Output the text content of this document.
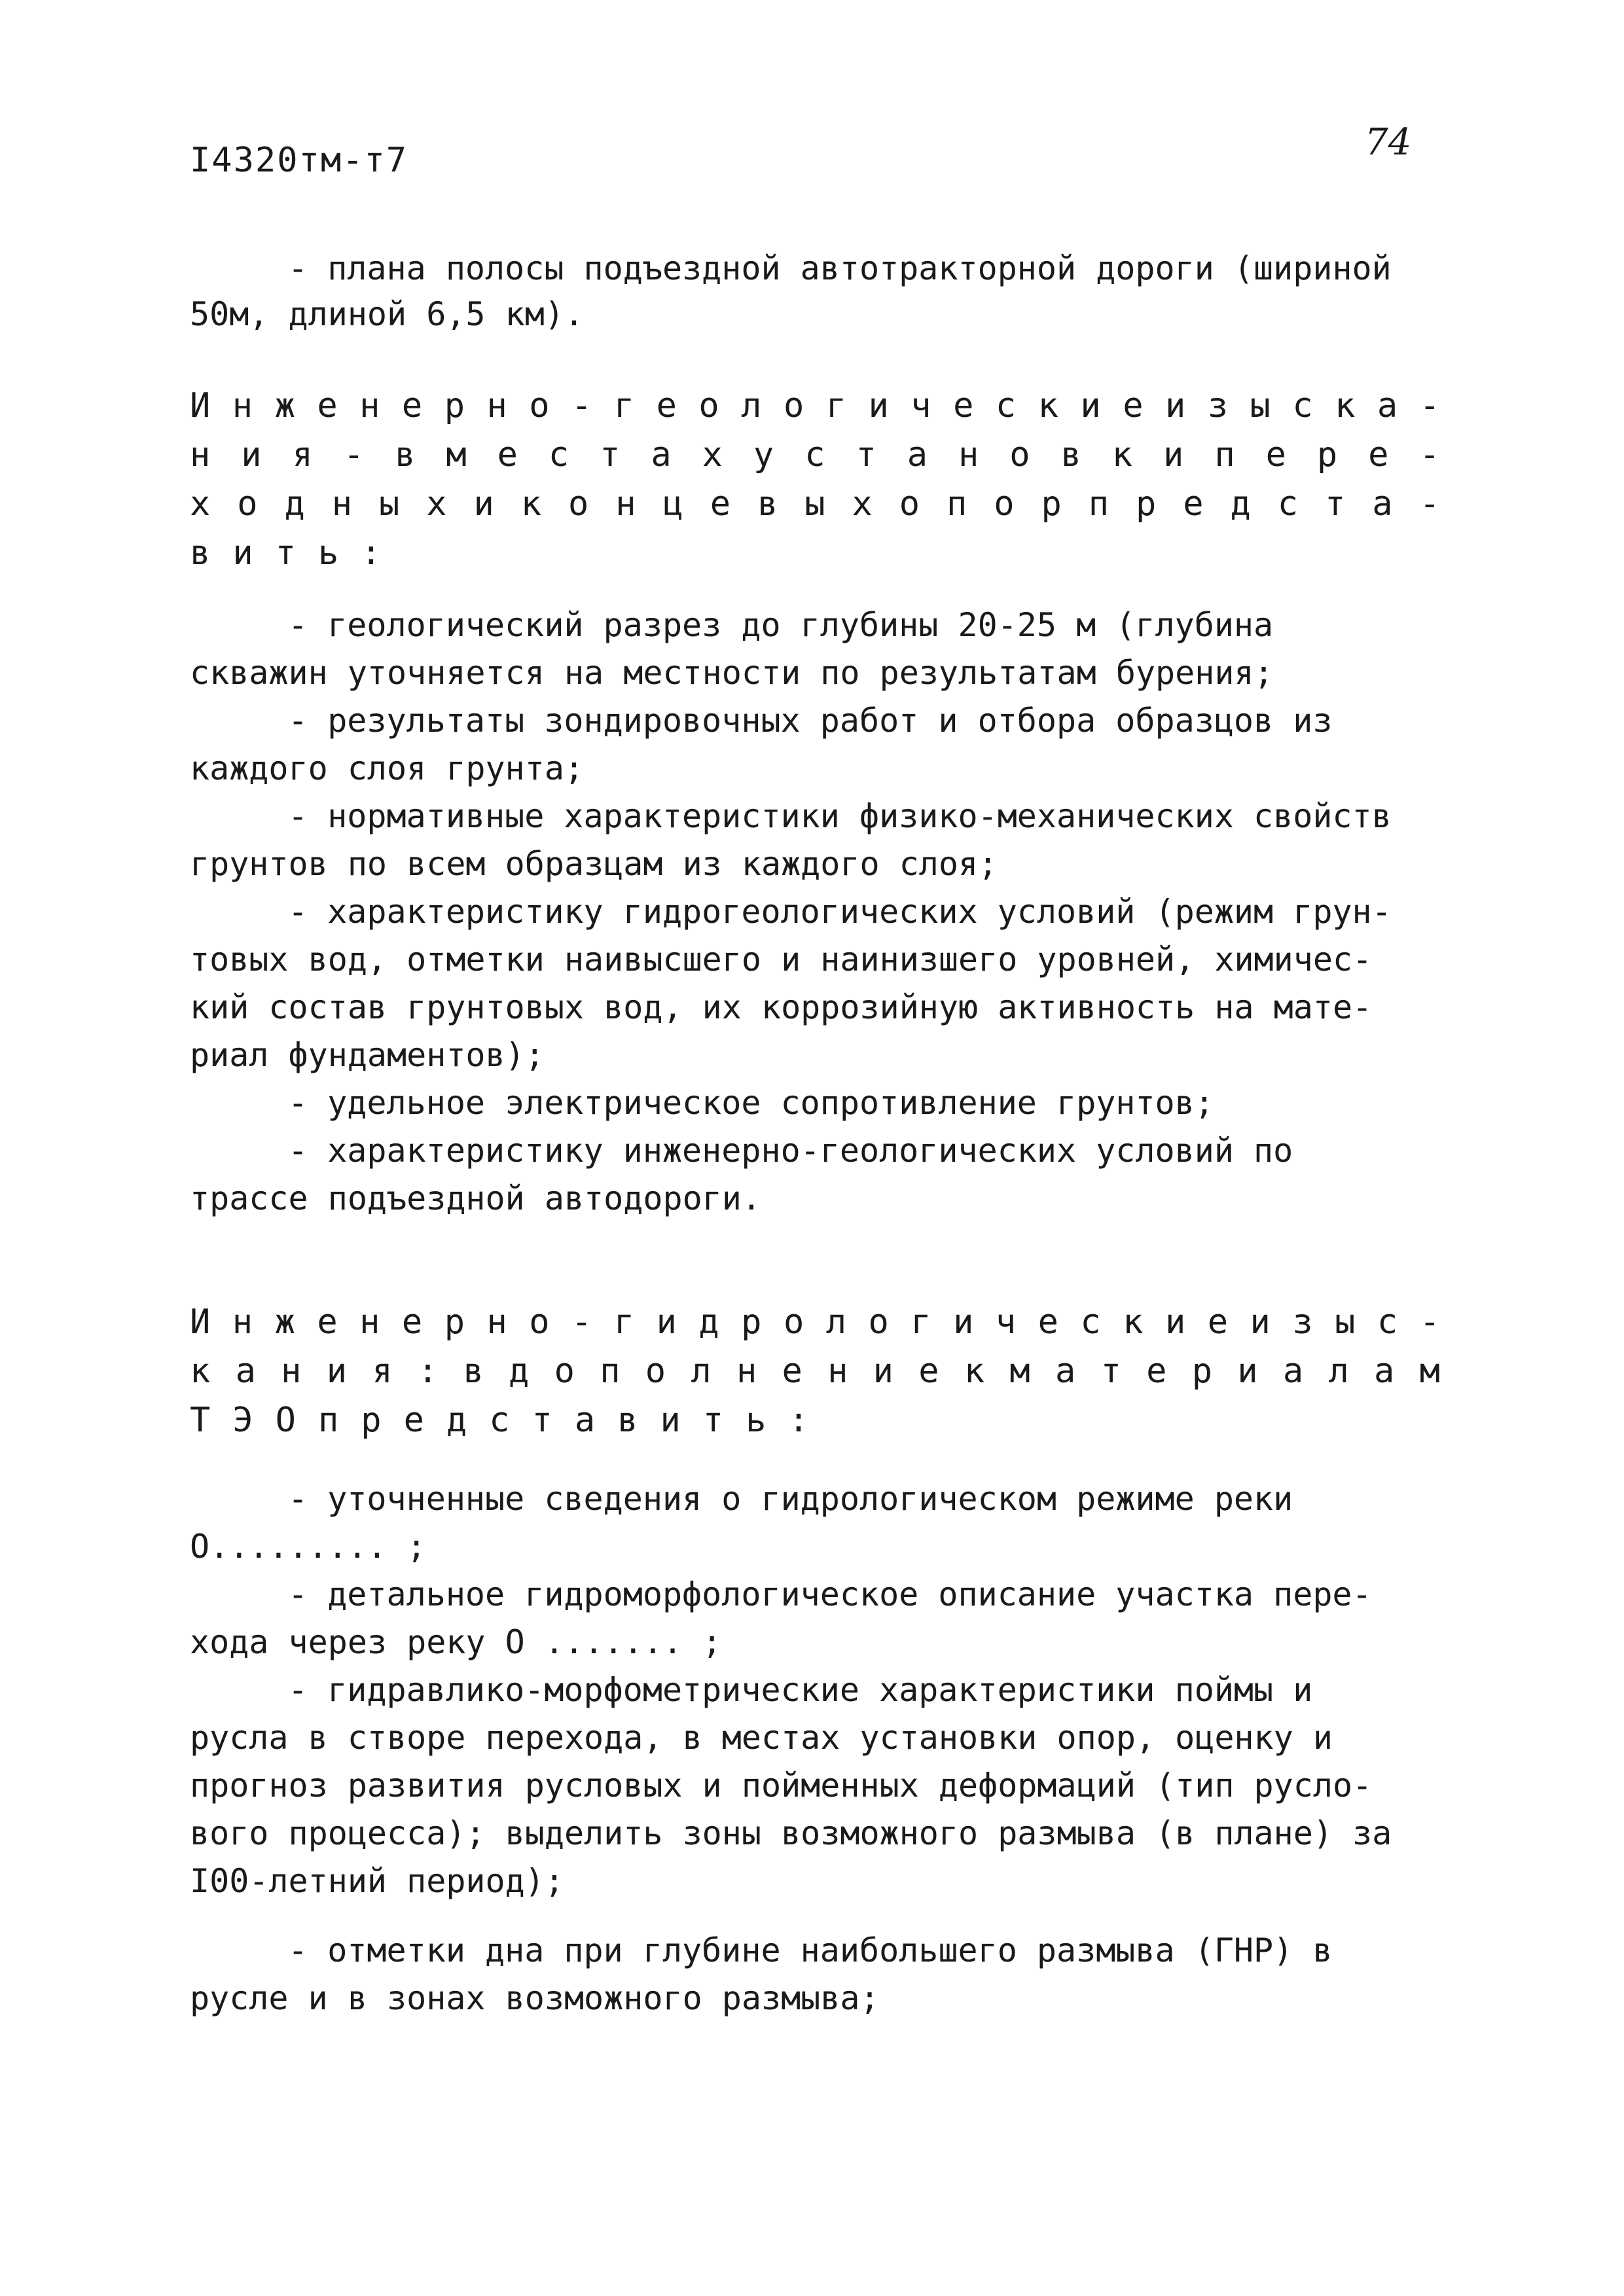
I4320тм-т7	74
- плана полосы подъездной автотракторной дороги (шириной
50м, длиной 6,5 км).
И н ж е н е р н о - г е о л о г и ч е с к и е и з ы с к а -
н и я - в м е с т а х у с т а н о в к и п е р е -
х о д н ы х и к о н ц е в ы х о п о р п р е д с т а -
в и т ь :
- геологический разрез до глубины 20-25 м (глубина
скважин уточняется на местности по результатам бурения;
- результаты зондировочных работ и отбора образцов из
каждого слоя грунта;
- нормативные характеристики физико-механических свойств
грунтов по всем образцам из каждого слоя;
- характеристику гидрогеологических условий (режим грун-
товых вод, отметки наивысшего и наинизшего уровней, химичес-
кий состав грунтовых вод, их коррозийную активность на мате-
риал фундаментов);
- удельное электрическое сопротивление грунтов;
- характеристику инженерно-геологических условий по
трассе подъездной автодороги.
И н ж е н е р н о - г и д р о л о г и ч е с к и е и з ы с -
к а н и я : в д о п о л н е н и е к м а т е р и а л а м
Т Э О п р е д с т а в и т ь :
- уточненные сведения о гидрологическом режиме реки
О......... ;
- детальное гидроморфологическое описание участка пере-
хода через реку О ....... ;
- гидравлико-морфометрические характеристики поймы и
русла в створе перехода, в местах установки опор, оценку и
прогноз развития русловых и пойменных деформаций (тип русло-
вого процесса); выделить зоны возможного размыва (в плане) за
I00-летний период);
- отметки дна при глубине наибольшего размыва (ГНР) в
русле и в зонах возможного размыва;
